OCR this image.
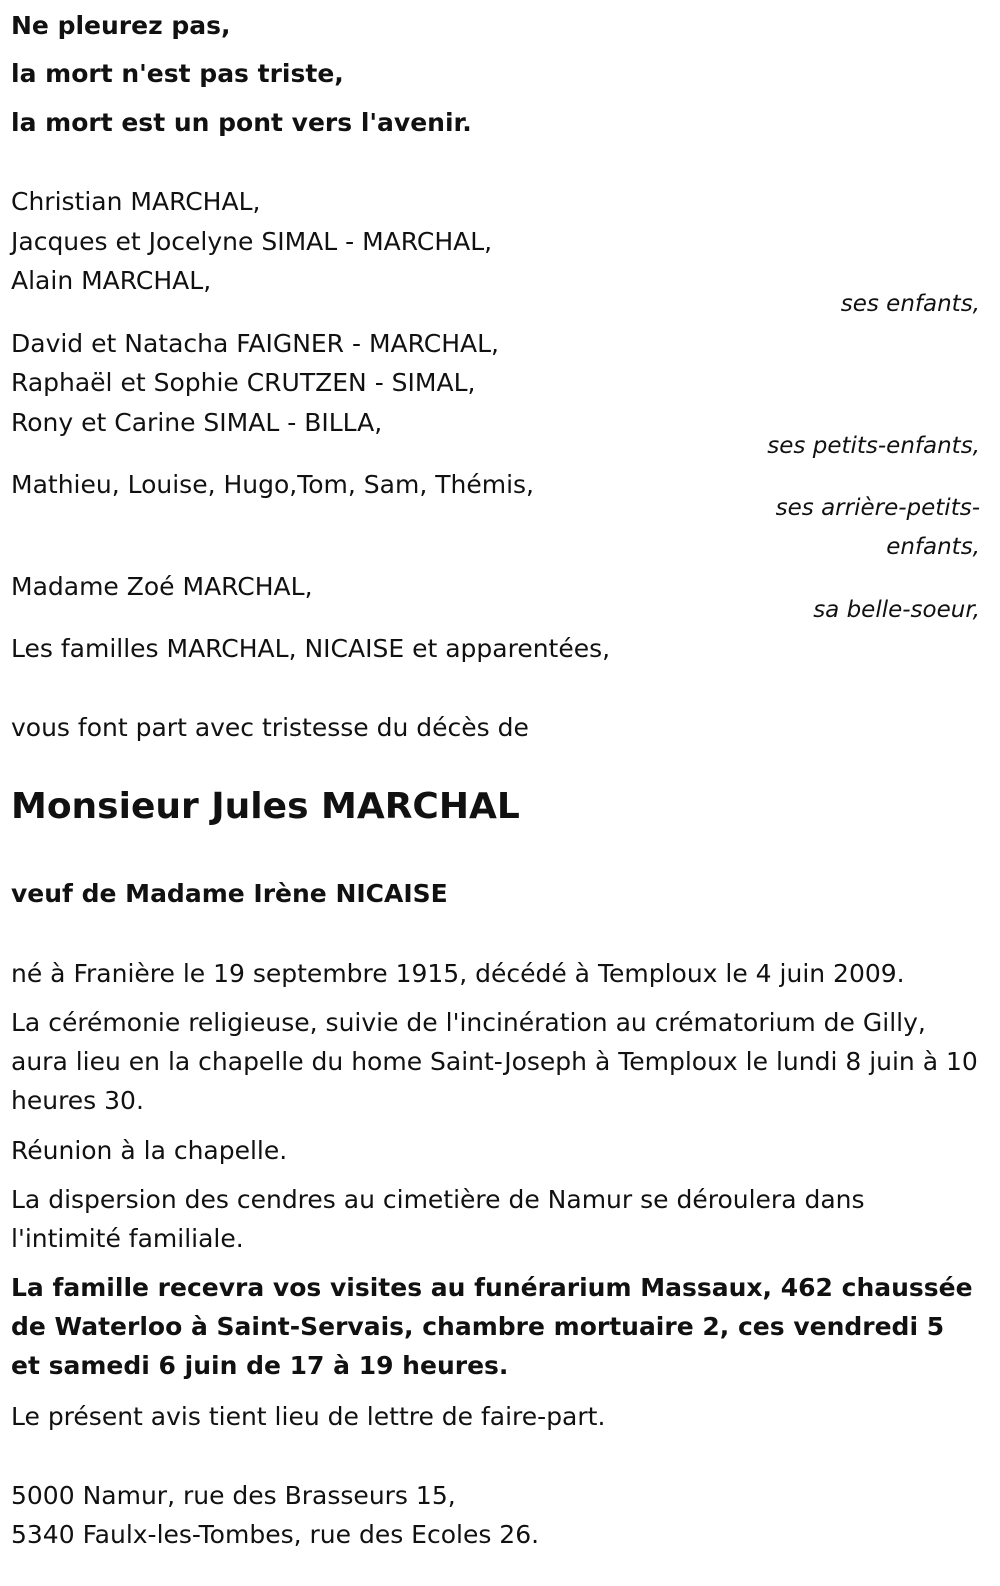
Ne pleurez pas,
la mort n'est pas triste,
la mort est un pont vers l'avenir.
Christian MARCHAL,
Jacques et Jocelyne SIMAL - MARCHAL,
Alain MARCHAL,
ses enfants,
David et Natacha FAIGNER - MARCHAL,
Raphaël et Sophie CRUTZEN - SIMAL,
Rony et Carine SIMAL - BILLA,
ses petits-enfants,
Mathieu, Louise, Hugo,Tom, Sam, Thémis,
ses arrière-petits-
enfants,
Madame Zoé MARCHAL,
sa belle-soeur,
Les familles MARCHAL, NICAISE et apparentées,
vous font part avec tristesse du décès de
Monsieur Jules MARCHAL
veuf de Madame Irène NICAISE
né à Franière le 19 septembre 1915, décédé à Temploux le 4 juin 2009.
La cérémonie religieuse, suivie de l'incinération au crématorium de Gilly, aura lieu en la chapelle du home Saint-Joseph à Temploux le lundi 8 juin à 10 heures 30.
Réunion à la chapelle.
La dispersion des cendres au cimetière de Namur se déroulera dans l'intimité familiale.
La famille recevra vos visites au funérarium Massaux, 462 chaussée de Waterloo à Saint-Servais, chambre mortuaire 2, ces vendredi 5 et samedi 6 juin de 17 à 19 heures.
Le présent avis tient lieu de lettre de faire-part.
5000 Namur, rue des Brasseurs 15,
5340 Faulx-les-Tombes, rue des Ecoles 26.
